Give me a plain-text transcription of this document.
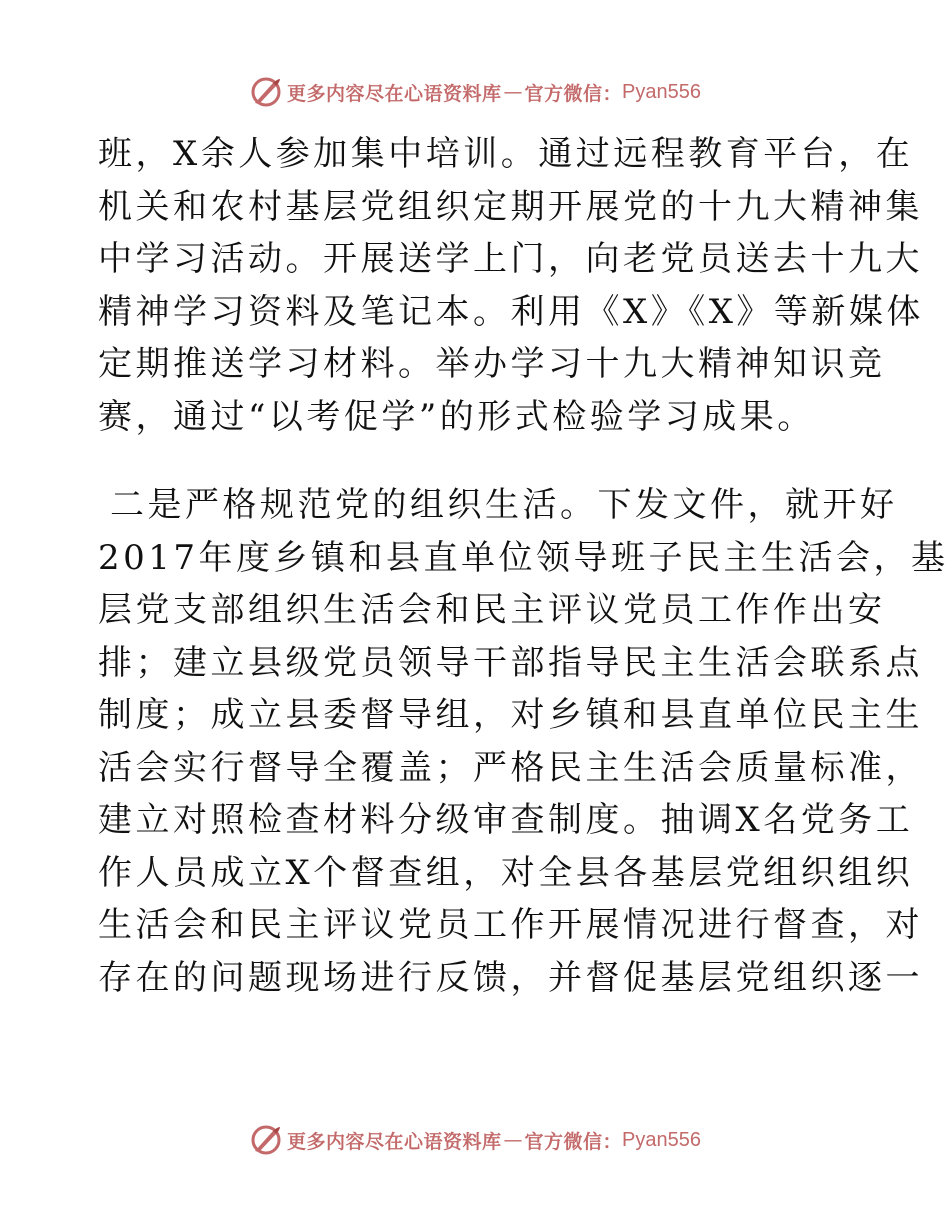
更多内容尽在心语资料库 — 官方微信： Pyan556
班，X余人参加集中培训。通过远程教育平台，在
机关和农村基层党组织定期开展党的十九大精神集
中学习活动。开展送学上门，向老党员送去十九大
精神学习资料及笔记本。利用《X》《X》等新媒体
定期推送学习材料。举办学习十九大精神知识竞
赛，通过“以考促学”的形式检验学习成果。
二是严格规范党的组织生活。下发文件，就开好
2017年度乡镇和县直单位领导班子民主生活会，基
层党支部组织生活会和民主评议党员工作作出安
排；建立县级党员领导干部指导民主生活会联系点
制度；成立县委督导组，对乡镇和县直单位民主生
活会实行督导全覆盖；严格民主生活会质量标准，
建立对照检查材料分级审查制度。抽调X名党务工
作人员成立X个督查组，对全县各基层党组织组织
生活会和民主评议党员工作开展情况进行督查，对
存在的问题现场进行反馈，并督促基层党组织逐一
更多内容尽在心语资料库 — 官方微信： Pyan556
